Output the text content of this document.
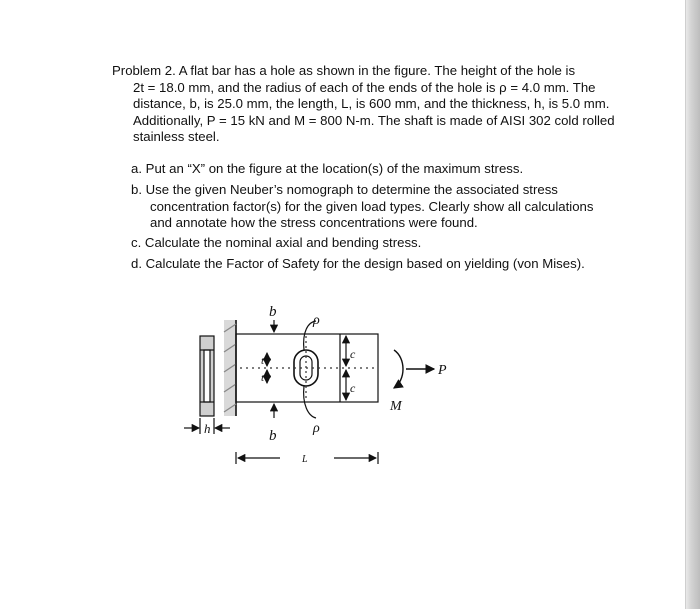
Problem 2. A flat bar has a hole as shown in the figure. The height of the hole is
2t = 18.0 mm, and the radius of each of the ends of the hole is ρ = 4.0 mm. The
distance, b, is 25.0 mm, the length, L, is 600 mm, and the thickness, h, is 5.0 mm.
Additionally, P = 15 kN and M = 800 N-m. The shaft is made of AISI 302 cold rolled
stainless steel.
a. Put an “X” on the figure at the location(s) of the maximum stress.
b. Use the given Neuber’s nomograph to determine the associated stress
concentration factor(s) for the given load types. Clearly show all calculations
and annotate how the stress concentrations were found.
c. Calculate the nominal axial and bending stress.
d. Calculate the Factor of Safety for the design based on yielding (von Mises).
h
t
t
b
b
ρ
ρ
c
c
M
P
L
